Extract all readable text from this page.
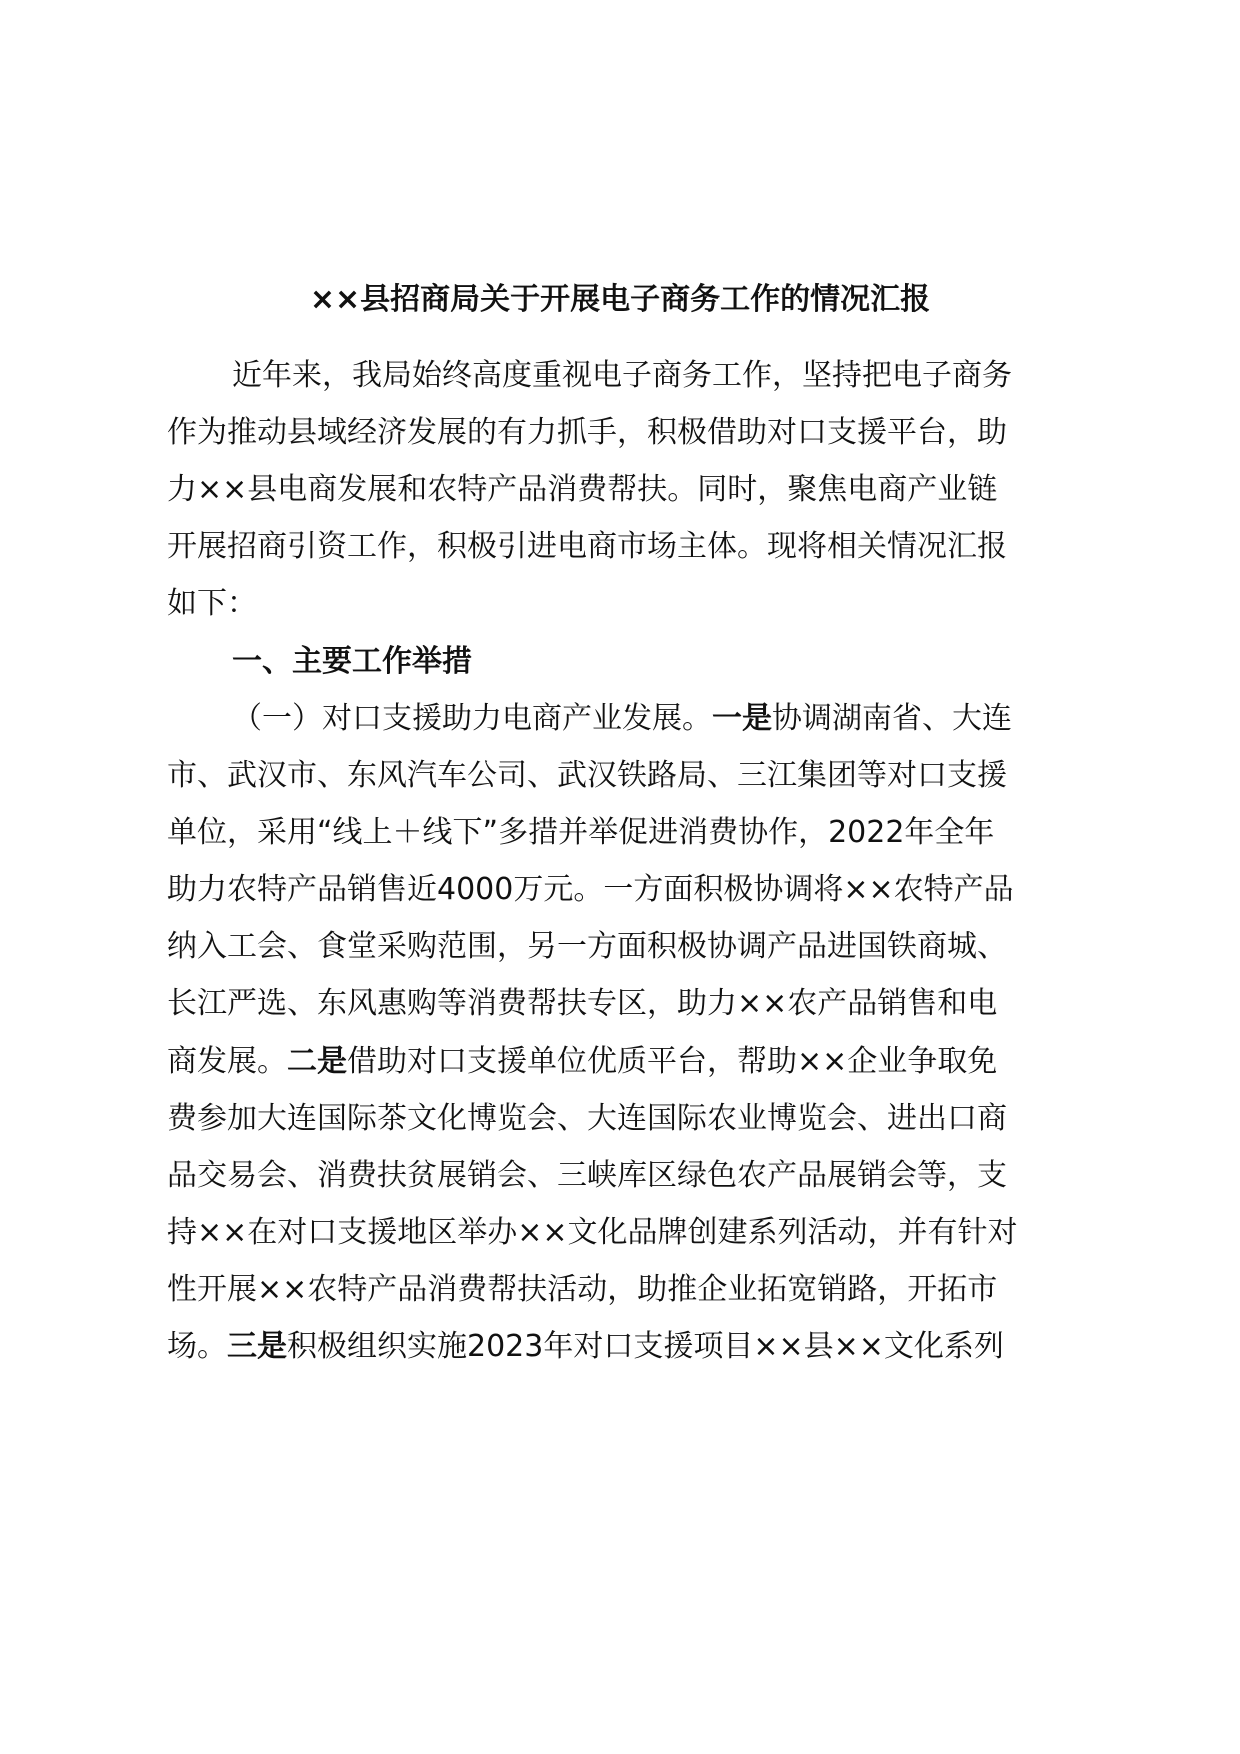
××县招商局关于开展电子商务工作的情况汇报
近年来，我局始终高度重视电子商务工作，坚持把电子商务
作为推动县域经济发展的有力抓手，积极借助对口支援平台，助
力××县电商发展和农特产品消费帮扶。同时，聚焦电商产业链
开展招商引资工作，积极引进电商市场主体。现将相关情况汇报
如下：
一、主要工作举措
（一）对口支援助力电商产业发展。一是协调湖南省、大连
市、武汉市、东风汽车公司、武汉铁路局、三江集团等对口支援
单位，采用“线上＋线下”多措并举促进消费协作，2022年全年
助力农特产品销售近4000万元。一方面积极协调将××农特产品
纳入工会、食堂采购范围，另一方面积极协调产品进国铁商城、
长江严选、东风惠购等消费帮扶专区，助力××农产品销售和电
商发展。二是借助对口支援单位优质平台，帮助××企业争取免
费参加大连国际茶文化博览会、大连国际农业博览会、进出口商
品交易会、消费扶贫展销会、三峡库区绿色农产品展销会等，支
持××在对口支援地区举办××文化品牌创建系列活动，并有针对
性开展××农特产品消费帮扶活动，助推企业拓宽销路，开拓市
场。三是积极组织实施2023年对口支援项目××县××文化系列
